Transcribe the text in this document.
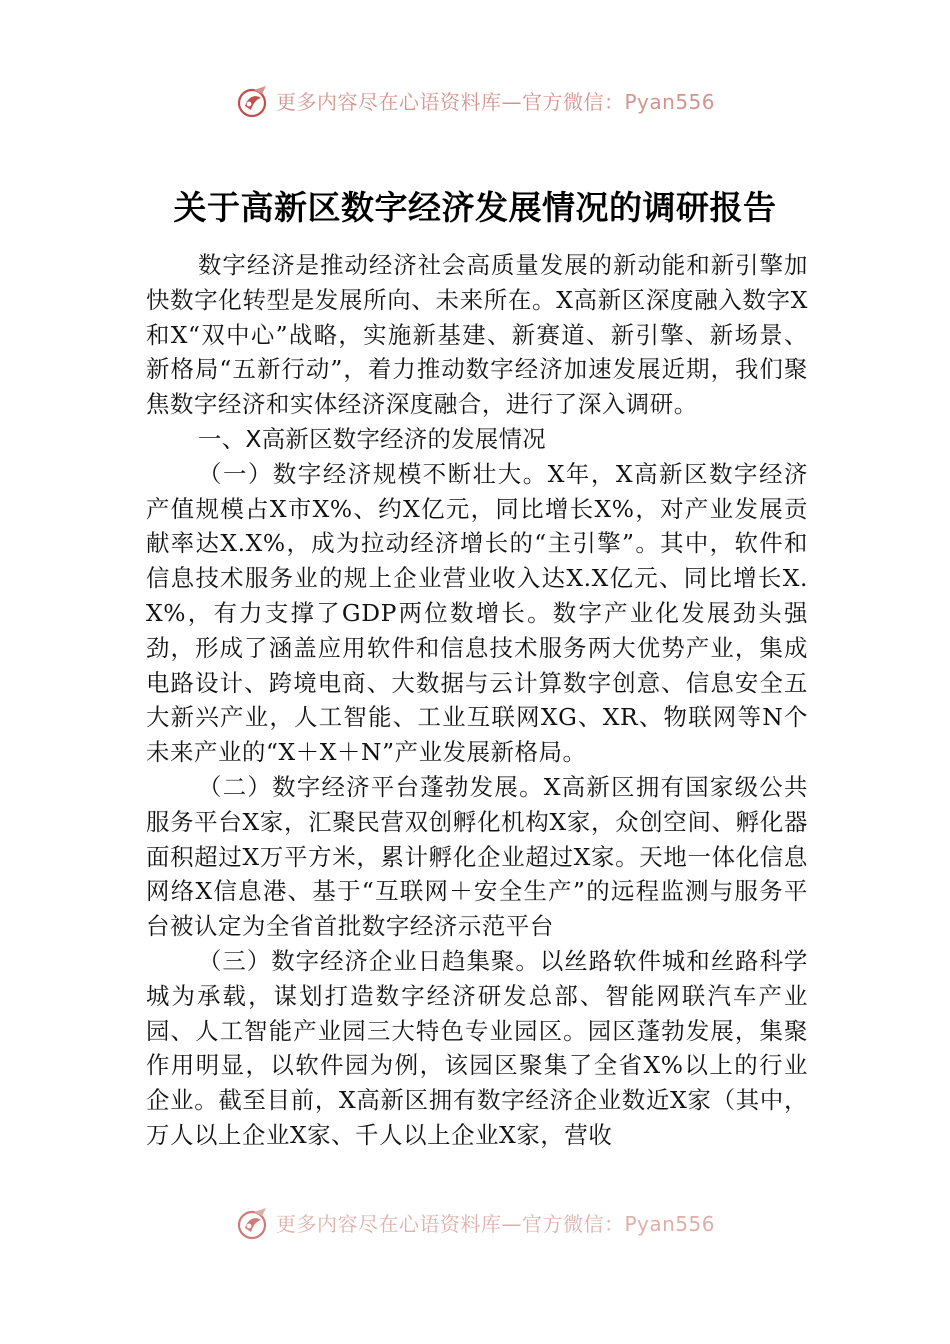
更多内容尽在心语资料库—官方微信：Pyan556
关于高新区数字经济发展情况的调研报告

数字经济是推动经济社会高质量发展的新动能和新引擎加快数字化转型是发展所向、未来所在。X高新区深度融入数字X和X“双中心”战略，实施新基建、新赛道、新引擎、新场景、新格局“五新行动”，着力推动数字经济加速发展近期，我们聚焦数字经济和实体经济深度融合，进行了深入调研。

一、X高新区数字经济的发展情况

（一）数字经济规模不断壮大。X年，X高新区数字经济产值规模占X市X%、约X亿元，同比增长X%，对产业发展贡献率达X.X%，成为拉动经济增长的“主引擎”。其中，软件和信息技术服务业的规上企业营业收入达X.X亿元、同比增长X.X%，有力支撑了GDP两位数增长。数字产业化发展劲头强劲，形成了涵盖应用软件和信息技术服务两大优势产业，集成电路设计、跨境电商、大数据与云计算数字创意、信息安全五大新兴产业，人工智能、工业互联网XG、XR、物联网等N个未来产业的“X＋X＋N”产业发展新格局。

（二）数字经济平台蓬勃发展。X高新区拥有国家级公共服务平台X家，汇聚民营双创孵化机构X家，众创空间、孵化器面积超过X万平方米，累计孵化企业超过X家。天地一体化信息网络X信息港、基于“互联网＋安全生产”的远程监测与服务平台被认定为全省首批数字经济示范平台

（三）数字经济企业日趋集聚。以丝路软件城和丝路科学城为承载，谋划打造数字经济研发总部、智能网联汽车产业园、人工智能产业园三大特色专业园区。园区蓬勃发展，集聚作用明显，以软件园为例，该园区聚集了全省X%以上的行业企业。截至目前，X高新区拥有数字经济企业数近X家（其中，万人以上企业X家、千人以上企业X家，营收

更多内容尽在心语资料库—官方微信：Pyan556
